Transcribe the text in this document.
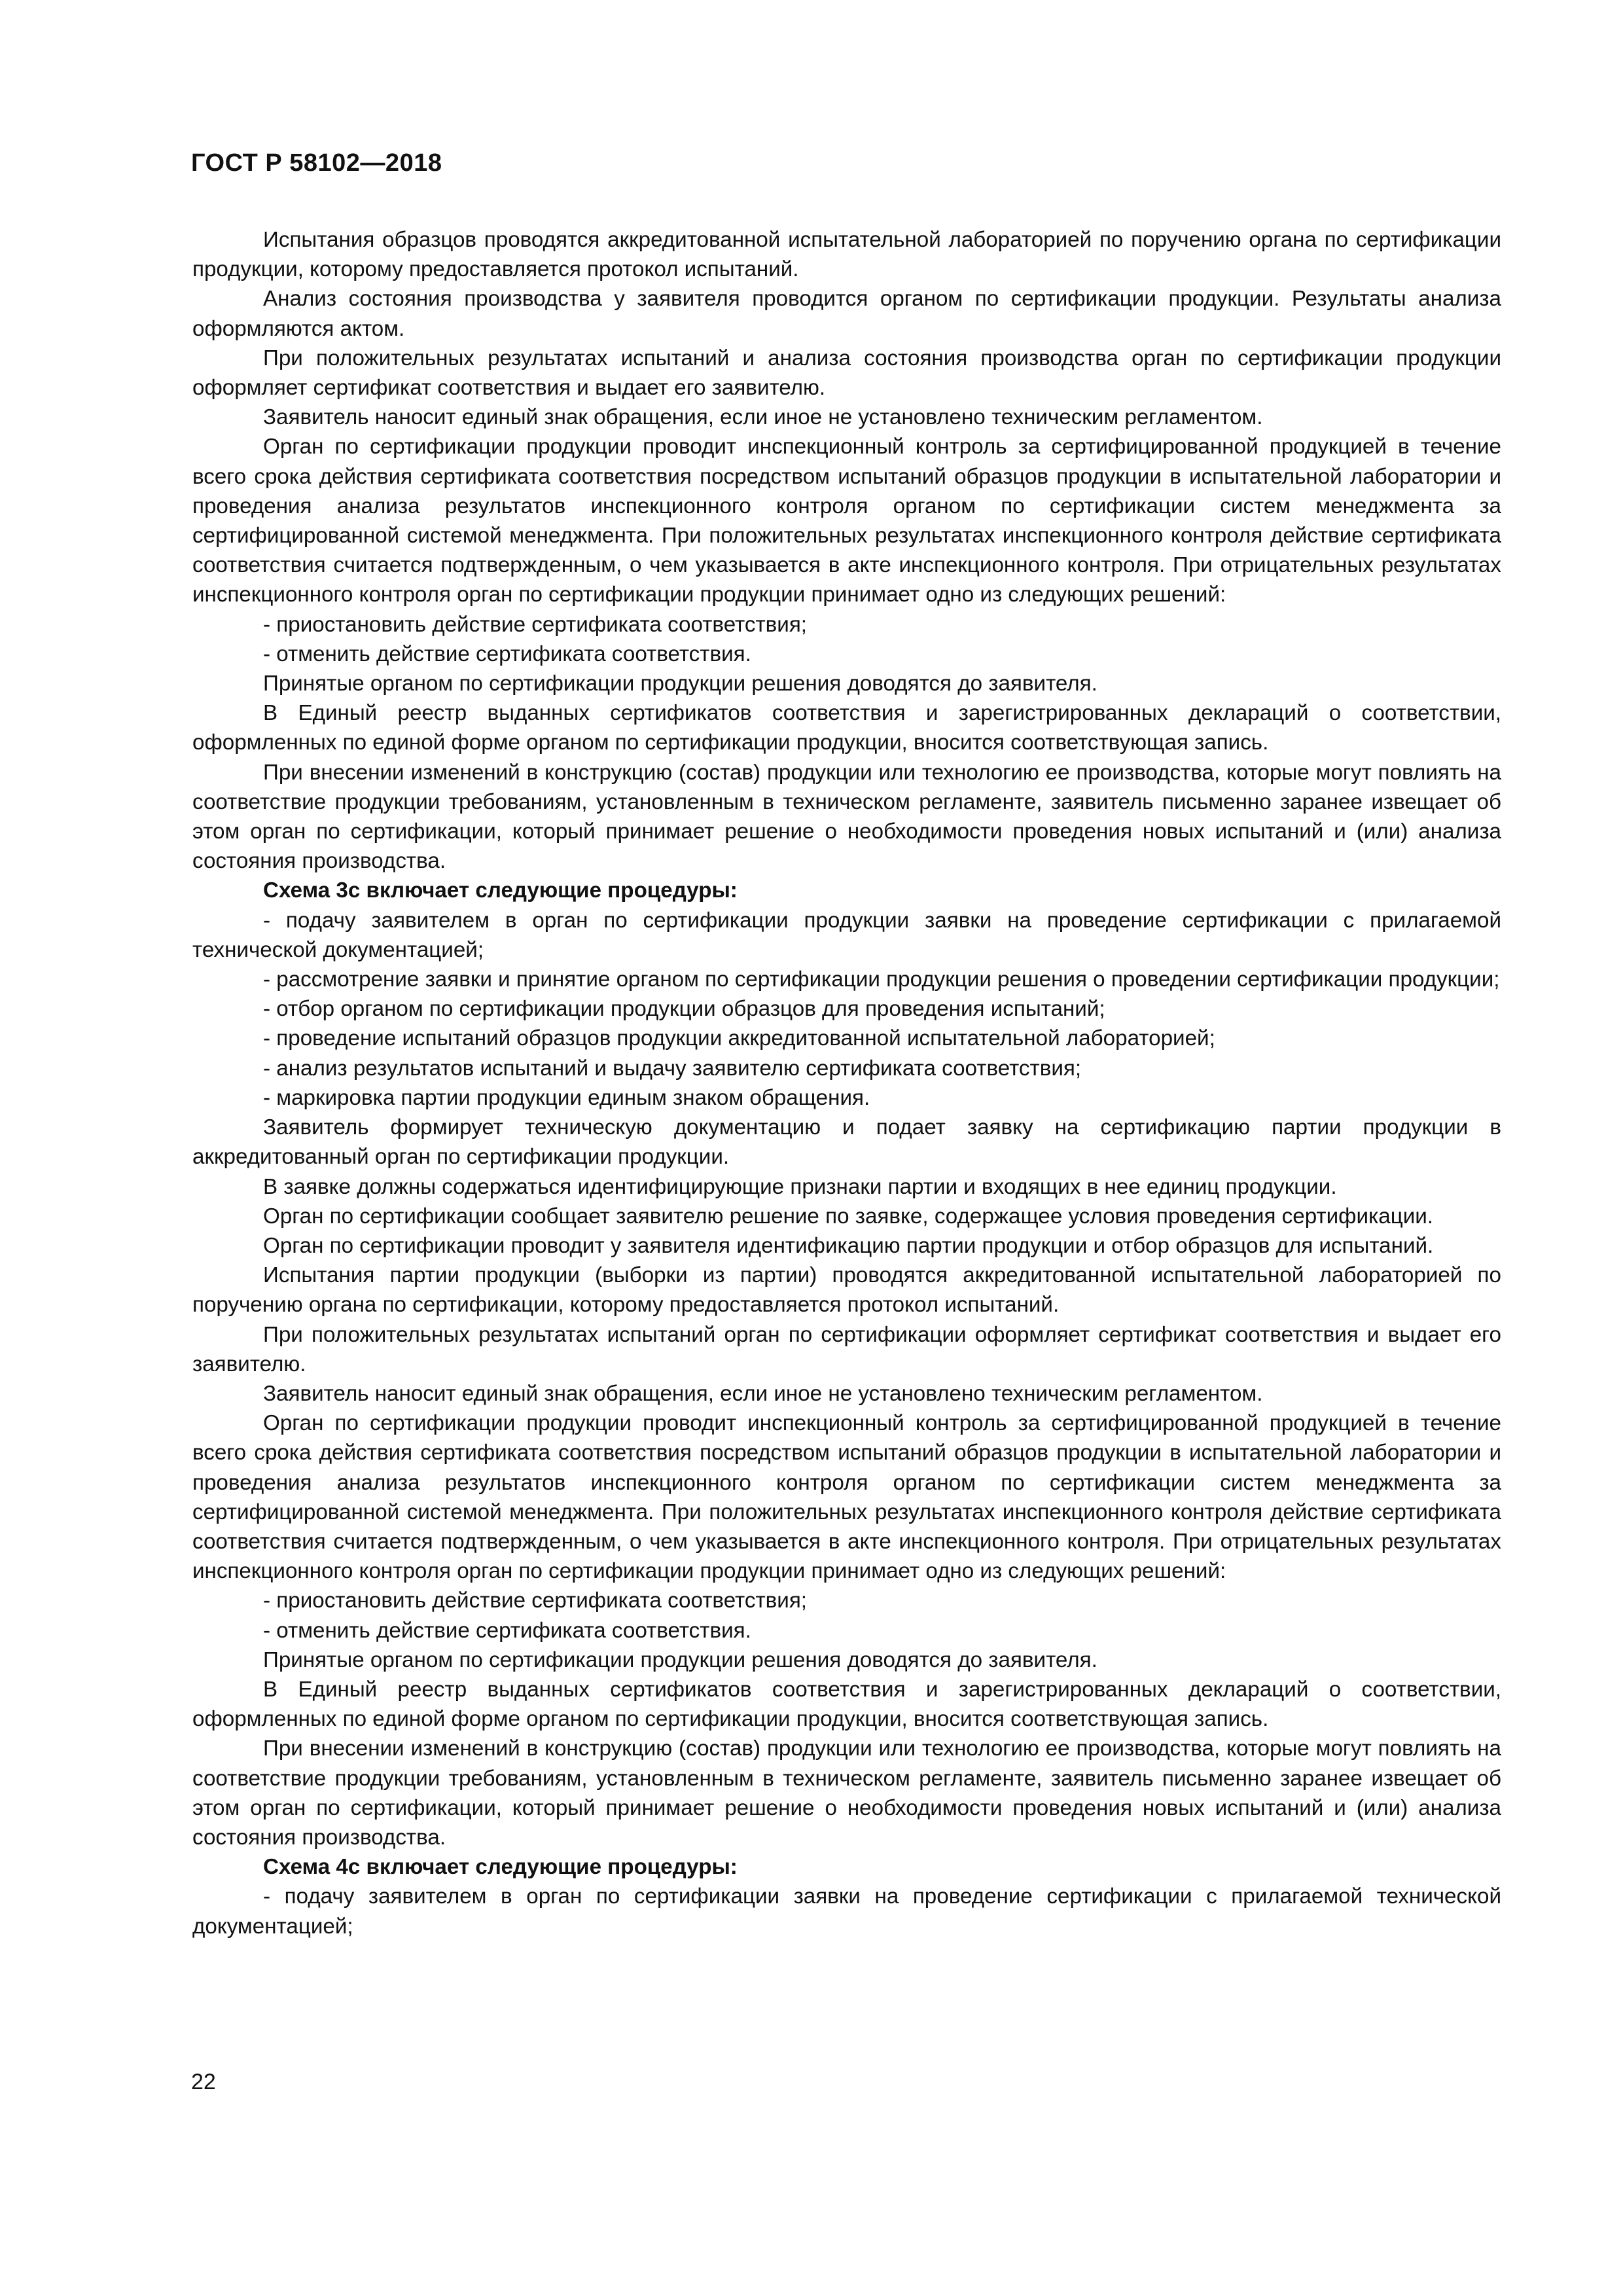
ГОСТ Р 58102—2018

Испытания образцов проводятся аккредитованной испытательной лабораторией по поручению органа по сертификации продукции, которому предоставляется протокол испытаний.

Анализ состояния производства у заявителя проводится органом по сертификации продукции. Результаты анализа оформляются актом.

При положительных результатах испытаний и анализа состояния производства орган по сертификации продукции оформляет сертификат соответствия и выдает его заявителю.

Заявитель наносит единый знак обращения, если иное не установлено техническим регламентом.

Орган по сертификации продукции проводит инспекционный контроль за сертифицированной продукцией в течение всего срока действия сертификата соответствия посредством испытаний образцов продукции в испытательной лаборатории и проведения анализа результатов инспекционного контроля органом по сертификации систем менеджмента за сертифицированной системой менеджмента. При положительных результатах инспекционного контроля действие сертификата соответствия считается подтвержденным, о чем указывается в акте инспекционного контроля. При отрицательных результатах инспекционного контроля орган по сертификации продукции принимает одно из следующих решений:

- приостановить действие сертификата соответствия;

- отменить действие сертификата соответствия.

Принятые органом по сертификации продукции решения доводятся до заявителя.

В Единый реестр выданных сертификатов соответствия и зарегистрированных деклараций о соответствии, оформленных по единой форме органом по сертификации продукции, вносится соответствующая запись.

При внесении изменений в конструкцию (состав) продукции или технологию ее производства, которые могут повлиять на соответствие продукции требованиям, установленным в техническом регламенте, заявитель письменно заранее извещает об этом орган по сертификации, который принимает решение о необходимости проведения новых испытаний и (или) анализа состояния производства.

Схема 3с включает следующие процедуры:

- подачу заявителем в орган по сертификации продукции заявки на проведение сертификации с прилагаемой технической документацией;

- рассмотрение заявки и принятие органом по сертификации продукции решения о проведении сертификации продукции;

- отбор органом по сертификации продукции образцов для проведения испытаний;

- проведение испытаний образцов продукции аккредитованной испытательной лабораторией;

- анализ результатов испытаний и выдачу заявителю сертификата соответствия;

- маркировка партии продукции единым знаком обращения.

Заявитель формирует техническую документацию и подает заявку на сертификацию партии продукции в аккредитованный орган по сертификации продукции.

В заявке должны содержаться идентифицирующие признаки партии и входящих в нее единиц продукции.

Орган по сертификации сообщает заявителю решение по заявке, содержащее условия проведения сертификации.

Орган по сертификации проводит у заявителя идентификацию партии продукции и отбор образцов для испытаний.

Испытания партии продукции (выборки из партии) проводятся аккредитованной испытательной лабораторией по поручению органа по сертификации, которому предоставляется протокол испытаний.

При положительных результатах испытаний орган по сертификации оформляет сертификат соответствия и выдает его заявителю.

Заявитель наносит единый знак обращения, если иное не установлено техническим регламентом.

Орган по сертификации продукции проводит инспекционный контроль за сертифицированной продукцией в течение всего срока действия сертификата соответствия посредством испытаний образцов продукции в испытательной лаборатории и проведения анализа результатов инспекционного контроля органом по сертификации систем менеджмента за сертифицированной системой менеджмента. При положительных результатах инспекционного контроля действие сертификата соответствия считается подтвержденным, о чем указывается в акте инспекционного контроля. При отрицательных результатах инспекционного контроля орган по сертификации продукции принимает одно из следующих решений:

- приостановить действие сертификата соответствия;

- отменить действие сертификата соответствия.

Принятые органом по сертификации продукции решения доводятся до заявителя.

В Единый реестр выданных сертификатов соответствия и зарегистрированных деклараций о соответствии, оформленных по единой форме органом по сертификации продукции, вносится соответствующая запись.

При внесении изменений в конструкцию (состав) продукции или технологию ее производства, которые могут повлиять на соответствие продукции требованиям, установленным в техническом регламенте, заявитель письменно заранее извещает об этом орган по сертификации, который принимает решение о необходимости проведения новых испытаний и (или) анализа состояния производства.

Схема 4с включает следующие процедуры:

- подачу заявителем в орган по сертификации заявки на проведение сертификации с прилагаемой технической документацией;

22
